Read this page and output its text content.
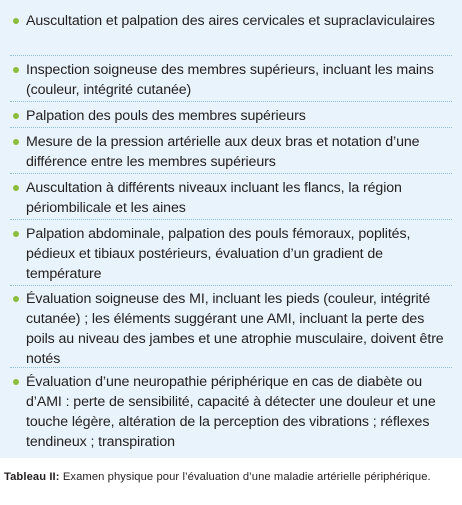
Auscultation et palpation des aires cervicales et supraclaviculaires
Inspection soigneuse des membres supérieurs, incluant les mains (couleur, intégrité cutanée)
Palpation des pouls des membres supérieurs
Mesure de la pression artérielle aux deux bras et notation d’une différence entre les membres supérieurs
Auscultation à différents niveaux incluant les flancs, la région périombilicale et les aines
Palpation abdominale, palpation des pouls fémoraux, poplités, pédieux et tibiaux postérieurs, évaluation d’un gradient de température
Évaluation soigneuse des MI, incluant les pieds (couleur, intégrité cutanée) ; les éléments suggérant une AMI, incluant la perte des poils au niveau des jambes et une atrophie musculaire, doivent être notés
Évaluation d’une neuropathie périphérique en cas de diabète ou d’AMI : perte de sensibilité, capacité à détecter une douleur et une touche légère, altération de la perception des vibrations ; réflexes tendineux ; transpiration
Tableau II: Examen physique pour l’évaluation d’une maladie artérielle périphérique.
